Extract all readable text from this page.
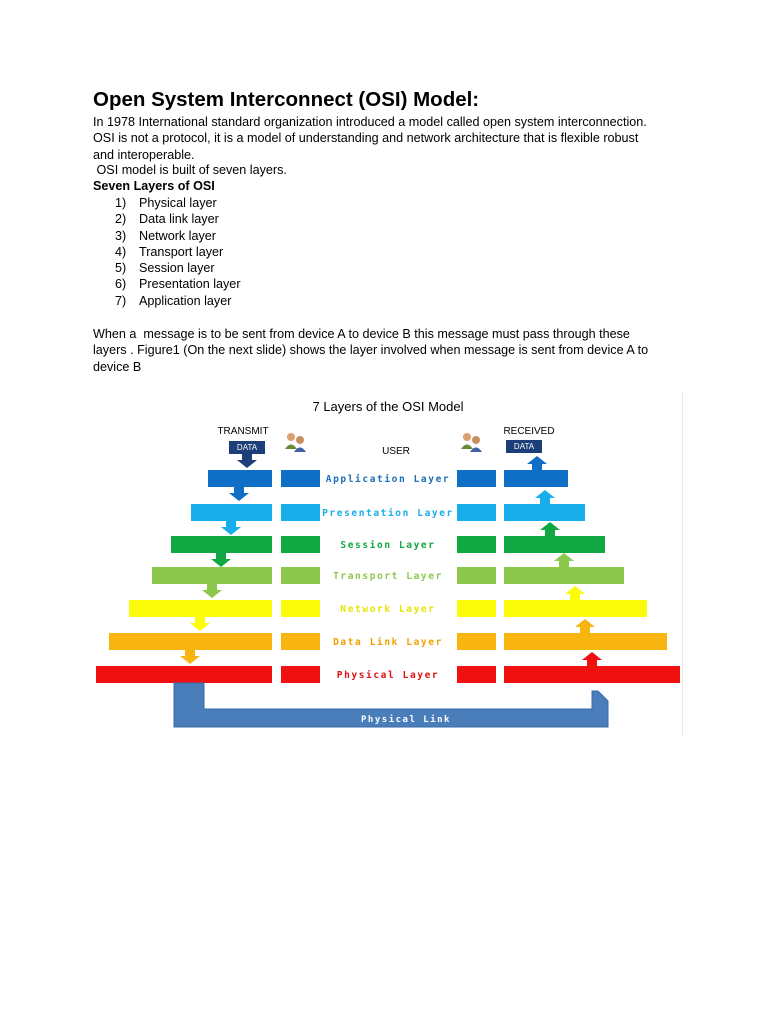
Open System Interconnect (OSI) Model:
In 1978 International standard organization introduced a model called open system interconnection.
OSI is not a protocol, it is a model of understanding and network architecture that is flexible robust
and interoperable.
OSI model is built of seven layers.
Seven Layers of OSI
1)	Physical layer
2)	Data link layer
3)	Network layer
4)	Transport layer
5)	Session layer
6)	Presentation layer
7)	Application layer
When a  message is to be sent from device A to device B this message must pass through these
layers . Figure1 (On the next slide) shows the layer involved when message is sent from device A to
device B
7 Layers of the OSI Model
TRANSMIT	RECEIVED
USER
Application Layer
Presentation Layer
Session Layer
Transport Layer
Network Layer
Data Link Layer
Physical Layer
DATA	DATA
Physical Link
